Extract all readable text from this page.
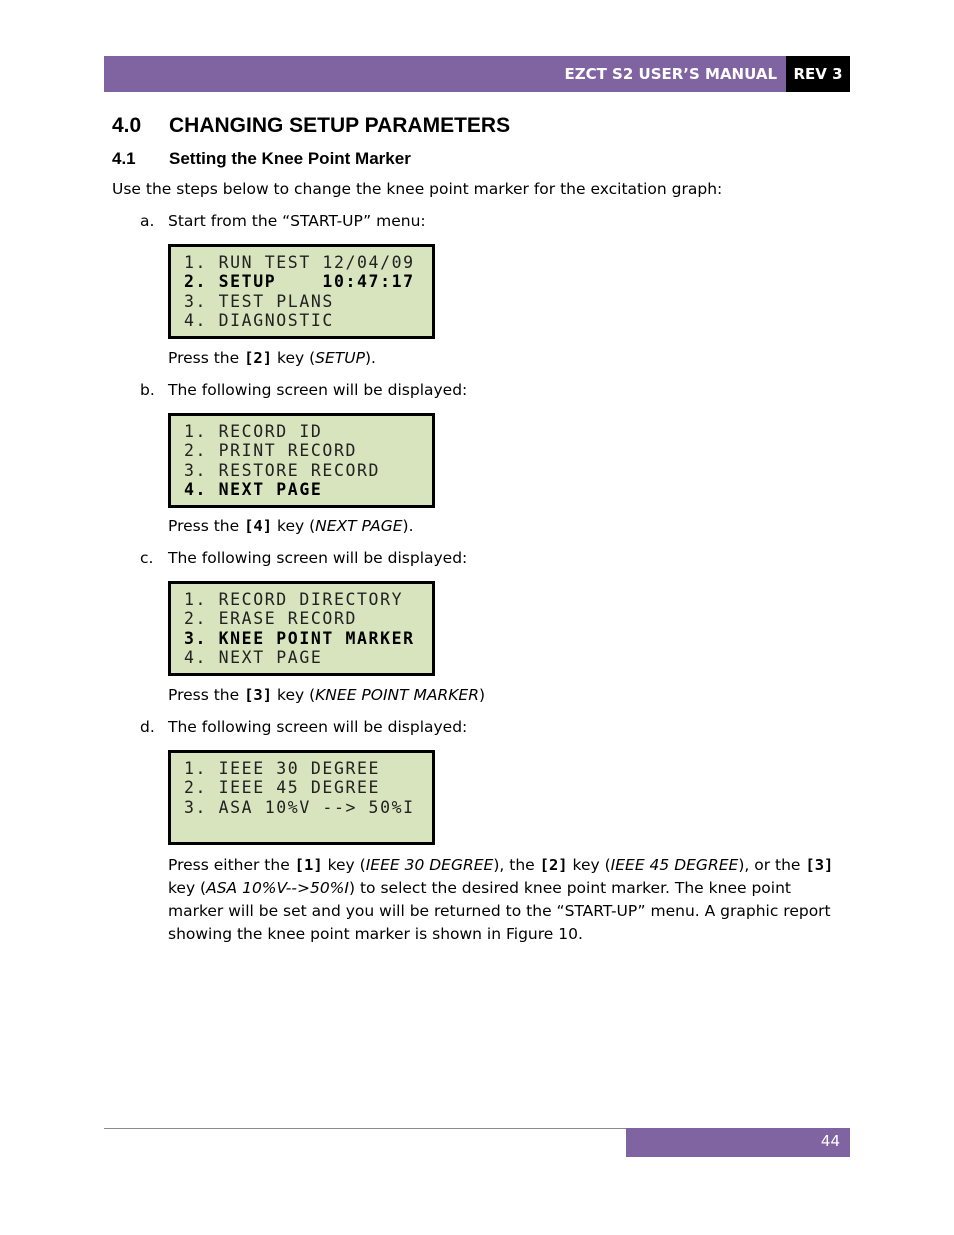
EZCT S2 USER’S MANUAL	REV 3
4.0 CHANGING SETUP PARAMETERS
4.1 Setting the Knee Point Marker
Use the steps below to change the knee point marker for the excitation graph:
a. Start from the “START-UP” menu:
1. RUN TEST 12/04/09
2. SETUP    10:47:17
3. TEST PLANS
4. DIAGNOSTIC
Press the [2] key (SETUP).
b. The following screen will be displayed:
1. RECORD ID
2. PRINT RECORD
3. RESTORE RECORD
4. NEXT PAGE
Press the [4] key (NEXT PAGE).
c. The following screen will be displayed:
1. RECORD DIRECTORY
2. ERASE RECORD
3. KNEE POINT MARKER
4. NEXT PAGE
Press the [3] key (KNEE POINT MARKER)
d. The following screen will be displayed:
1. IEEE 30 DEGREE
2. IEEE 45 DEGREE
3. ASA 10%V --> 50%I
Press either the [1] key (IEEE 30 DEGREE), the [2] key (IEEE 45 DEGREE), or the [3] key (ASA 10%V-->50%I) to select the desired knee point marker. The knee point marker will be set and you will be returned to the “START-UP” menu. A graphic report showing the knee point marker is shown in Figure 10.
44
